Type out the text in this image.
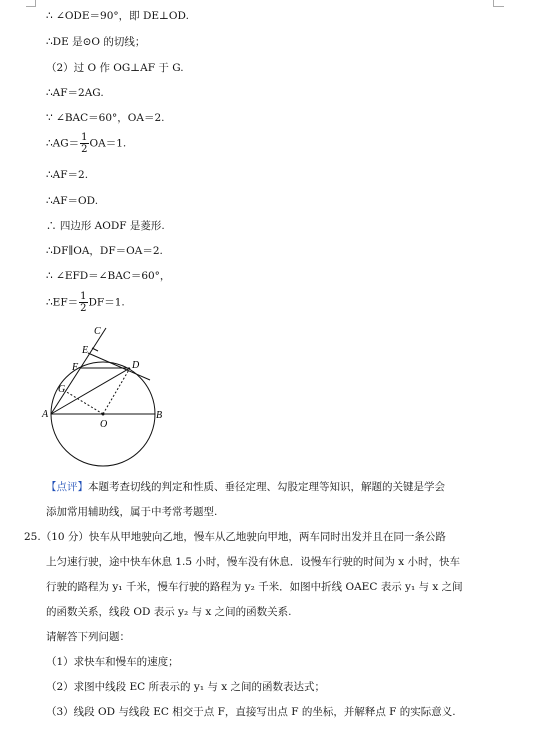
∴ ∠ODE＝90°，即 DE⊥OD.
∴DE 是⊙O 的切线；
（2）过 O 作 OG⊥AF 于 G.
∴AF＝2AG.
∵ ∠BAC＝60°，OA＝2.
∴AG＝ $\frac{1}{2} OA=1$.
∴AF＝2.
∴AF＝OD.
∴ 四边形 AODF 是菱形.
∴DF∥OA，DF＝OA＝2.
∴ ∠EFD＝∠BAC＝60°，
∴EF＝ $\frac{1}{2} DF=1$.
C
E
F	D
G
A
O
B
【点评】本题考查切线的判定和性质、垂径定理、勾股定理等知识，解题的关键是学会
添加常用辅助线，属于中考常考题型.
25.（10 分）快车从甲地驶向乙地，慢车从乙地驶向甲地，两车同时出发并且在同一条公路
上匀速行驶，途中快车休息 1.5 小时，慢车没有休息．设慢车行驶的时间为 x 小时，快车
行驶的路程为 y₁ 千米，慢车行驶的路程为 y₂ 千米．如图中折线 OAEC 表示 y₁ 与 x 之间
的函数关系，线段 OD 表示 y₂ 与 x 之间的函数关系.
请解答下列问题：
（1）求快车和慢车的速度；
（2）求图中线段 EC 所表示的 y₁ 与 x 之间的函数表达式；
（3）线段 OD 与线段 EC 相交于点 F，直接写出点 F 的坐标，并解释点 F 的实际意义.
